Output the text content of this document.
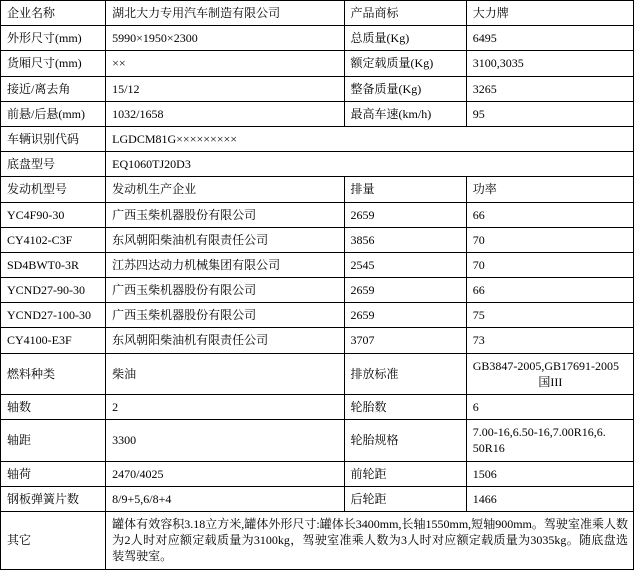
企业名称	湖北大力专用汽车制造有限公司	产品商标	大力牌
外形尺寸(mm)	5990×1950×2300	总质量(Kg)	6495
货厢尺寸(mm)	××	额定载质量(Kg)	3100,3035
接近/离去角	15/12	整备质量(Kg)	3265
前悬/后悬(mm)	1032/1658	最高车速(km/h)	95
车辆识别代码	LGDCM81G×××××××××		
底盘型号	EQ1060TJ20D3		
发动机型号	发动机生产企业	排量	功率
YC4F90-30	广西玉柴机器股份有限公司	2659	66
CY4102-C3F	东风朝阳柴油机有限责任公司	3856	70
SD4BWT0-3R	江苏四达动力机械集团有限公司	2545	70
YCND27-90-30	广西玉柴机器股份有限公司	2659	66
YCND27-100-30	广西玉柴机器股份有限公司	2659	75
CY4100-E3F	东风朝阳柴油机有限责任公司	3707	73
燃料种类	柴油	排放标准	GB3847-2005,GB17691-2005
国III

轴数	2	轮胎数	6
轴距	3300	轮胎规格	7.00-16,6.50-16,7.00R16,6.
50R16

轴荷	2470/4025	前轮距	1506
钢板弹簧片数	8/9+5,6/8+4	后轮距	1466
其它	罐体有效容积3.18立方米,罐体外形尺寸:罐体长3400mm,长轴1550mm,短轴900mm。驾驶室准乘人数为2人时对应额定载质量为3100kg，驾驶室准乘人数为3人时对应额定载质量为3035kg。随底盘选装驾驶室。		
